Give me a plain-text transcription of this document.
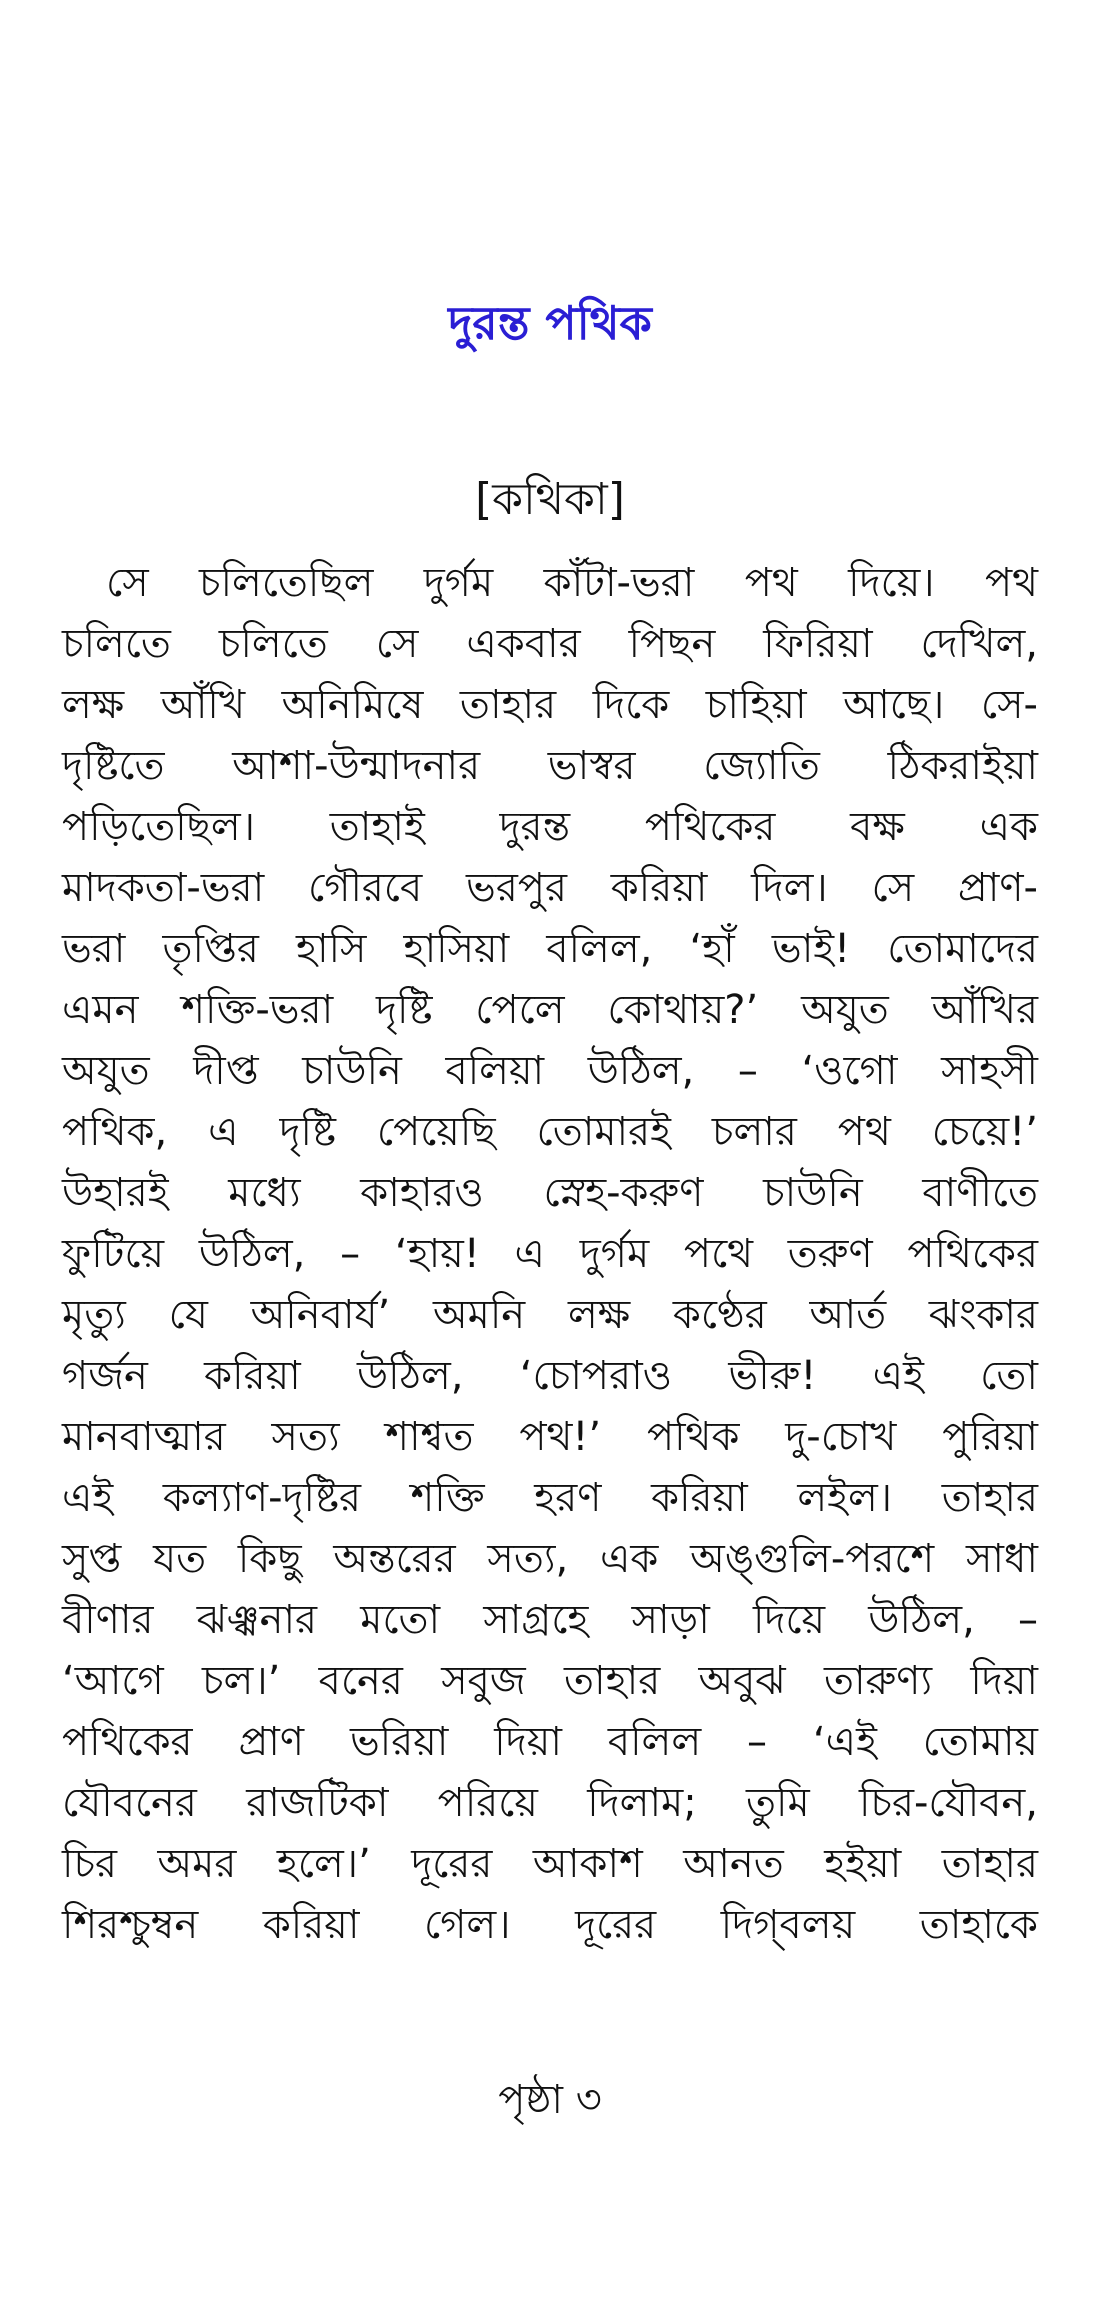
দুরন্ত পথিক

[কথিকা]

সে চলিতেছিল দুর্গম কাঁটা-ভরা পথ দিয়ে। পথ
চলিতে চলিতে সে একবার পিছন ফিরিয়া দেখিল,
লক্ষ আঁখি অনিমিষে তাহার দিকে চাহিয়া আছে। সে-
দৃষ্টিতে আশা-উন্মাদনার ভাস্বর জ্যোতি ঠিকরাইয়া
পড়িতেছিল। তাহাই দুরন্ত পথিকের বক্ষ এক
মাদকতা-ভরা গৌরবে ভরপুর করিয়া দিল। সে প্রাণ-
ভরা তৃপ্তির হাসি হাসিয়া বলিল, ‘হাঁ ভাই! তোমাদের
এমন শক্তি-ভরা দৃষ্টি পেলে কোথায়?’ অযুত আঁখির
অযুত দীপ্ত চাউনি বলিয়া উঠিল, – ‘ওগো সাহসী
পথিক, এ দৃষ্টি পেয়েছি তোমারই চলার পথ চেয়ে!’
উহারই মধ্যে কাহারও স্নেহ-করুণ চাউনি বাণীতে
ফুটিয়ে উঠিল, – ‘হায়! এ দুর্গম পথে তরুণ পথিকের
মৃত্যু যে অনিবার্য’ অমনি লক্ষ কণ্ঠের আর্ত ঝংকার
গর্জন করিয়া উঠিল, ‘চোপরাও ভীরু! এই তো
মানবাত্মার সত্য শাশ্বত পথ!’ পথিক দু-চোখ পুরিয়া
এই কল্যাণ-দৃষ্টির শক্তি হরণ করিয়া লইল। তাহার
সুপ্ত যত কিছু অন্তরের সত্য, এক অঙ্গুলি-পরশে সাধা
বীণার ঝঞ্ঝনার মতো সাগ্রহে সাড়া দিয়ে উঠিল, –
‘আগে চল।’ বনের সবুজ তাহার অবুঝ তারুণ্য দিয়া
পথিকের প্রাণ ভরিয়া দিয়া বলিল – ‘এই তোমায়
যৌবনের রাজটিকা পরিয়ে দিলাম; তুমি চির-যৌবন,
চির অমর হলে।’ দূরের আকাশ আনত হইয়া তাহার
শিরশ্চুম্বন করিয়া গেল। দূরের দিগ্‌বলয় তাহাকে

পৃষ্ঠা ৩
